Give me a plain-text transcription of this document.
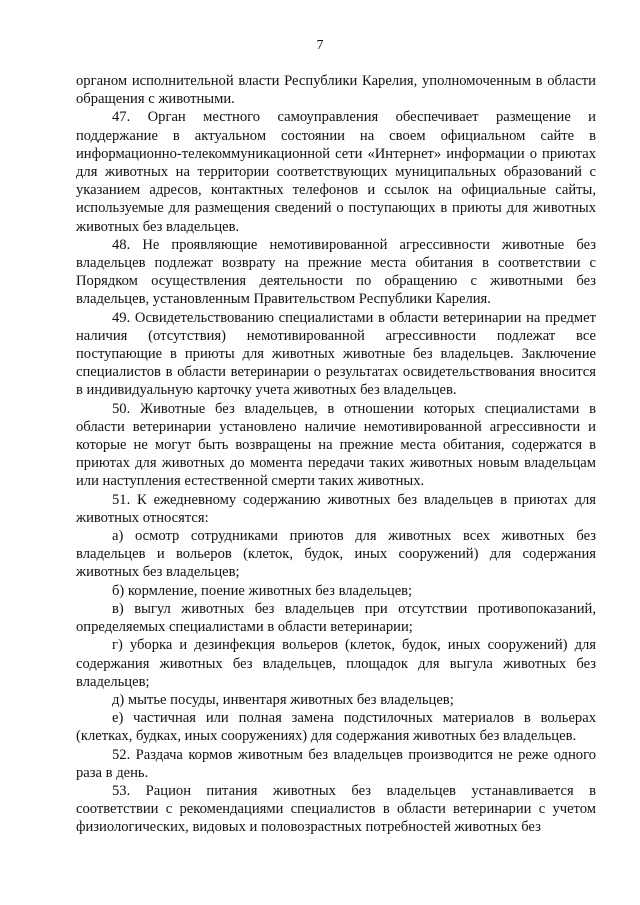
7

органом исполнительной власти Республики Карелия, уполномоченным в области обращения с животными.

47. Орган местного самоуправления обеспечивает размещение и поддержание в актуальном состоянии на своем официальном сайте в информационно-телекоммуникационной сети «Интернет» информации о приютах для животных на территории соответствующих муниципальных образований с указанием адресов, контактных телефонов и ссылок на официальные сайты, используемые для размещения сведений о поступающих в приюты для животных животных без владельцев.

48. Не проявляющие немотивированной агрессивности животные без владельцев подлежат возврату на прежние места обитания в соответствии с Порядком осуществления деятельности по обращению с животными без владельцев, установленным Правительством Республики Карелия.

49. Освидетельствованию специалистами в области ветеринарии на предмет наличия (отсутствия) немотивированной агрессивности подлежат все поступающие в приюты для животных животные без владельцев. Заключение специалистов в области ветеринарии о результатах освидетельствования вносится в индивидуальную карточку учета животных без владельцев.

50. Животные без владельцев, в отношении которых специалистами в области ветеринарии установлено наличие немотивированной агрессивности и которые не могут быть возвращены на прежние места обитания, содержатся в приютах для животных до момента передачи таких животных новым владельцам или наступления естественной смерти таких животных.

51. К ежедневному содержанию животных без владельцев в приютах для животных относятся:

а) осмотр сотрудниками приютов для животных всех животных без владельцев и вольеров (клеток, будок, иных сооружений) для содержания животных без владельцев;

б) кормление, поение животных без владельцев;

в) выгул животных без владельцев при отсутствии противопоказаний, определяемых специалистами в области ветеринарии;

г) уборка и дезинфекция вольеров (клеток, будок, иных сооружений) для содержания животных без владельцев, площадок для выгула животных без владельцев;

д) мытье посуды, инвентаря животных без владельцев;

е) частичная или полная замена подстилочных материалов в вольерах (клетках, будках, иных сооружениях) для содержания животных без владельцев.

52. Раздача кормов животным без владельцев производится не реже одного раза в день.

53. Рацион питания животных без владельцев устанавливается в соответствии с рекомендациями специалистов в области ветеринарии с учетом физиологических, видовых и половозрастных потребностей животных без
